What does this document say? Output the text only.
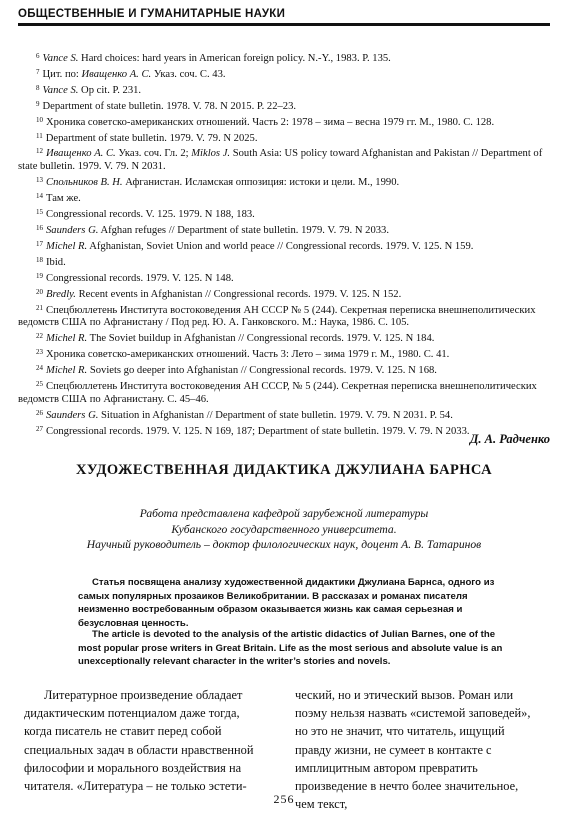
ОБЩЕСТВЕННЫЕ И ГУМАНИТАРНЫЕ НАУКИ

$^6$ Vance S. Hard choices: hard years in American foreign policy. N.-Y., 1983. P. 135.

$^7$ Цит. по: Иващенко А. С. Указ. соч. С. 43.

$^8$ Vance S. Op cit. P. 231.

$^9$ Department of state bulletin. 1978. V. 78. N 2015. P. 22–23.

$^{10}$ Хроника советско-американских отношений. Часть 2: 1978 – зима – весна 1979 гг. М., 1980. С. 128.

$^{11}$ Department of state bulletin. 1979. V. 79. N 2025.

$^{12}$ Иващенко А. С. Указ. соч. Гл. 2; Miklos J. South Asia: US policy toward Afghanistan and Pakistan // Department of state bulletin. 1979. V. 79. N 2031.

$^{13}$ Спольников В. Н. Афганистан. Исламская оппозиция: истоки и цели. М., 1990.

$^{14}$ Там же.

$^{15}$ Congressional records. V. 125. 1979. N 188, 183.

$^{16}$ Saunders G. Afghan refuges // Department of state bulletin. 1979. V. 79. N 2033.

$^{17}$ Michel R. Afghanistan, Soviet Union and world peace // Congressional records. 1979. V. 125. N 159.

$^{18}$ Ibid.

$^{19}$ Congressional records. 1979. V. 125. N 148.

$^{20}$ Bredly. Recent events in Afghanistan // Congressional records. 1979. V. 125. N 152.

$^{21}$ Спецбюллетень Института востоковедения АН СССР № 5 (244). Секретная переписка внешнеполитических ведомств США по Афганистану / Под ред. Ю. А. Ганковского. М.: Наука, 1986. С. 105.

$^{22}$ Michel R. The Soviet buildup in Afghanistan // Congressional records. 1979. V. 125. N 184.

$^{23}$ Хроника советско-американских отношений. Часть 3: Лето – зима 1979 г. М., 1980. С. 41.

$^{24}$ Michel R. Soviets go deeper into Afghanistan // Congressional records. 1979. V. 125. N 168.

$^{25}$ Спецбюллетень Института востоковедения АН СССР, № 5 (244). Секретная переписка внешнеполитических ведомств США по Афганистану. С. 45–46.

$^{26}$ Saunders G. Situation in Afghanistan // Department of state bulletin. 1979. V. 79. N 2031. P. 54.

$^{27}$ Congressional records. 1979. V. 125. N 169, 187; Department of state bulletin. 1979. V. 79. N 2033.

Д. А. Радченко
ХУДОЖЕСТВЕННАЯ ДИДАКТИКА ДЖУЛИАНА БАРНСА
Работа представлена кафедрой зарубежной литературы
Кубанского государственного университета.
Научный руководитель – доктор филологических наук, доцент А. В. Татаринов

Статья посвящена анализу художественной дидактики Джулиана Барнса, одного из самых популярных прозаиков Великобритании. В рассказах и романах писателя неизменно востребованным образом оказывается жизнь как самая серьезная и безусловная ценность.

The article is devoted to the analysis of the artistic didactics of Julian Barnes, one of the most popular prose writers in Great Britain. Life as the most serious and absolute value is an unexceptionally relevant character in the writer’s stories and novels.

Литературное произведение обладает дидактическим потенциалом даже тогда, когда писатель не ставит перед собой специальных задач в области нравственной философии и морального воздействия на читателя. «Литература – не только эстети-

ческий, но и этический вызов. Роман или поэму нельзя назвать «системой заповедей», но это не значит, что читатель, ищущий правду жизни, не сумеет в контакте с имплицитным автором превратить произведение в нечто более значительное, чем текст,

256
